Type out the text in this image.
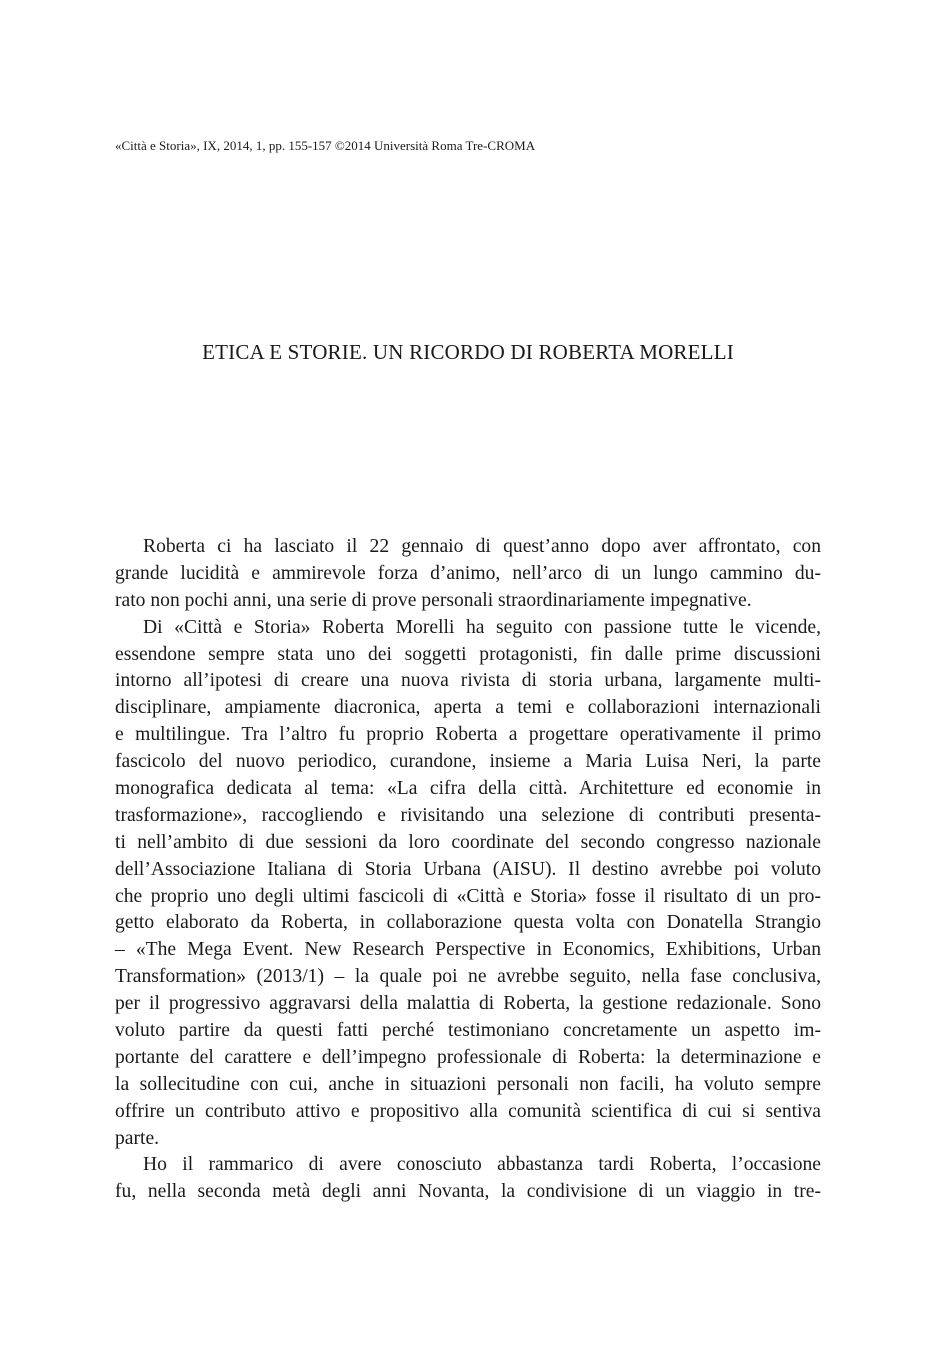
«Città e Storia», IX, 2014, 1, pp. 155-157 ©2014 Università Roma Tre-CROMA
ETICA E STORIE. UN RICORDO DI ROBERTA MORELLI
Roberta ci ha lasciato il 22 gennaio di quest’anno dopo aver affrontato, con
grande lucidità e ammirevole forza d’animo, nell’arco di un lungo cammino du-
rato non pochi anni, una serie di prove personali straordinariamente impegnative.
Di «Città e Storia» Roberta Morelli ha seguito con passione tutte le vicende,
essendone sempre stata uno dei soggetti protagonisti, fin dalle prime discussioni
intorno all’ipotesi di creare una nuova rivista di storia urbana, largamente multi-
disciplinare, ampiamente diacronica, aperta a temi e collaborazioni internazionali
e multilingue. Tra l’altro fu proprio Roberta a progettare operativamente il primo
fascicolo del nuovo periodico, curandone, insieme a Maria Luisa Neri, la parte
monografica dedicata al tema: «La cifra della città. Architetture ed economie in
trasformazione», raccogliendo e rivisitando una selezione di contributi presenta-
ti nell’ambito di due sessioni da loro coordinate del secondo congresso nazionale
dell’Associazione Italiana di Storia Urbana (AISU). Il destino avrebbe poi voluto
che proprio uno degli ultimi fascicoli di «Città e Storia» fosse il risultato di un pro-
getto elaborato da Roberta, in collaborazione questa volta con Donatella Strangio
– «The Mega Event. New Research Perspective in Economics, Exhibitions, Urban
Transformation» (2013/1) – la quale poi ne avrebbe seguito, nella fase conclusiva,
per il progressivo aggravarsi della malattia di Roberta, la gestione redazionale. Sono
voluto partire da questi fatti perché testimoniano concretamente un aspetto im-
portante del carattere e dell’impegno professionale di Roberta: la determinazione e
la sollecitudine con cui, anche in situazioni personali non facili, ha voluto sempre
offrire un contributo attivo e propositivo alla comunità scientifica di cui si sentiva
parte.
Ho il rammarico di avere conosciuto abbastanza tardi Roberta, l’occasione
fu, nella seconda metà degli anni Novanta, la condivisione di un viaggio in tre-
